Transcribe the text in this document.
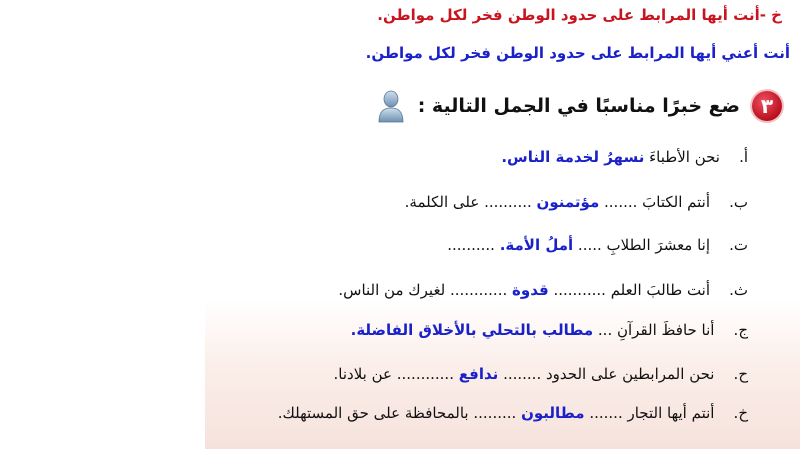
خ -أنت أيها المرابط على حدود الوطن فخر لكل مواطن.
أنت أعني أيها المرابط على حدود الوطن فخر لكل مواطن.
٣
ضع خبرًا مناسبًا في الجمل التالية :
أ.    نحن الأطباءَ نسهرُ لخدمة الناس.
ب.    أنتم الكتابَ ....... مؤتمنون .......... على الكلمة.
ت.    إنا معشرَ الطلابِ ..... أملُ الأمة. ..........
ث.    أنت طالبَ العلم ........... قدوة ............ لغيرك من الناس.
ج.    أنا حافظَ القرآنِ ... مطالب بالتحلي بالأخلاق الفاضلة.
ح.    نحن المرابطين على الحدود ........ ندافع ............ عن بلادنا.
خ.    أنتم أيها التجار ....... مطالبون ......... بالمحافظة على حق المستهلك.
